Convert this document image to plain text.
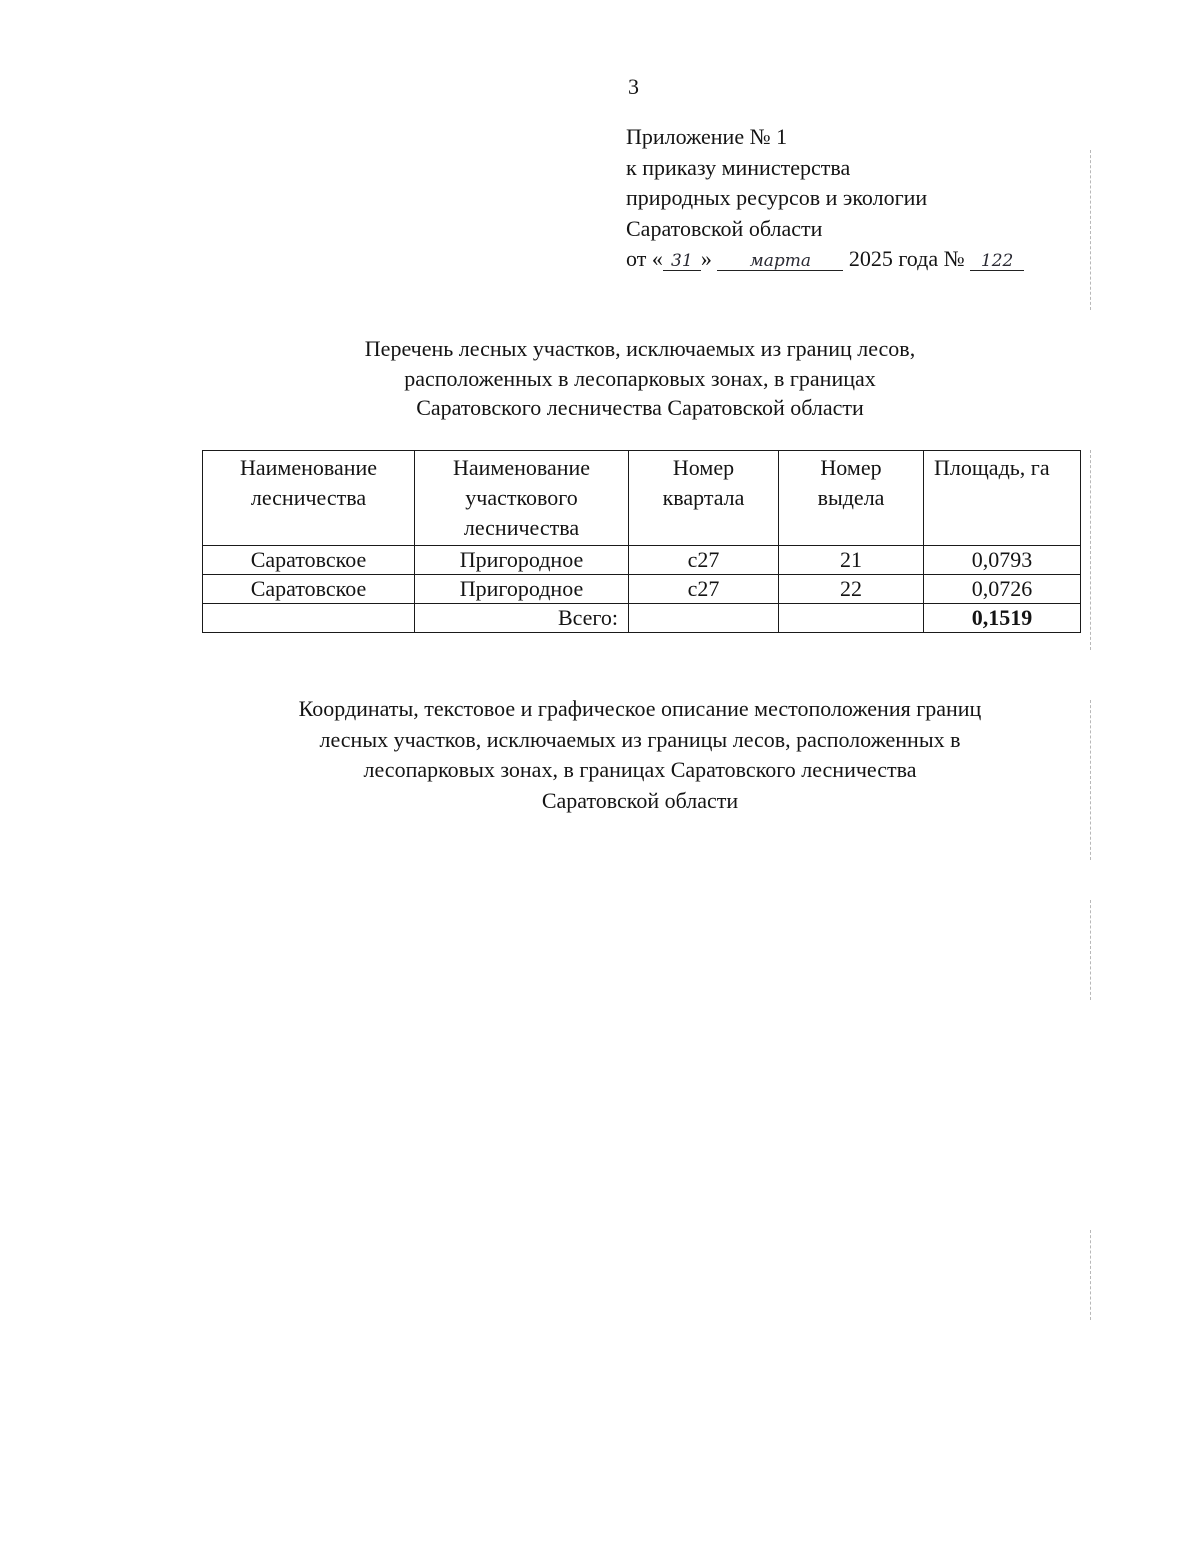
3
Приложение № 1
к приказу министерства
природных ресурсов и экологии
Саратовской области
от « 31 » марта 2025 года № 122
Перечень лесных участков, исключаемых из границ лесов,
расположенных в лесопарковых зонах, в границах
Саратовского лесничества Саратовской области
Наименование лесничества	Наименование участкового лесничества	Номер квартала	Номер выдела	Площадь, га
Саратовское	Пригородное	с27	21	0,0793
Саратовское	Пригородное	с27	22	0,0726
	Всего:			0,1519
Координаты, текстовое и графическое описание местоположения границ
лесных участков, исключаемых из границы лесов, расположенных в
лесопарковых зонах, в границах Саратовского лесничества
Саратовской области
